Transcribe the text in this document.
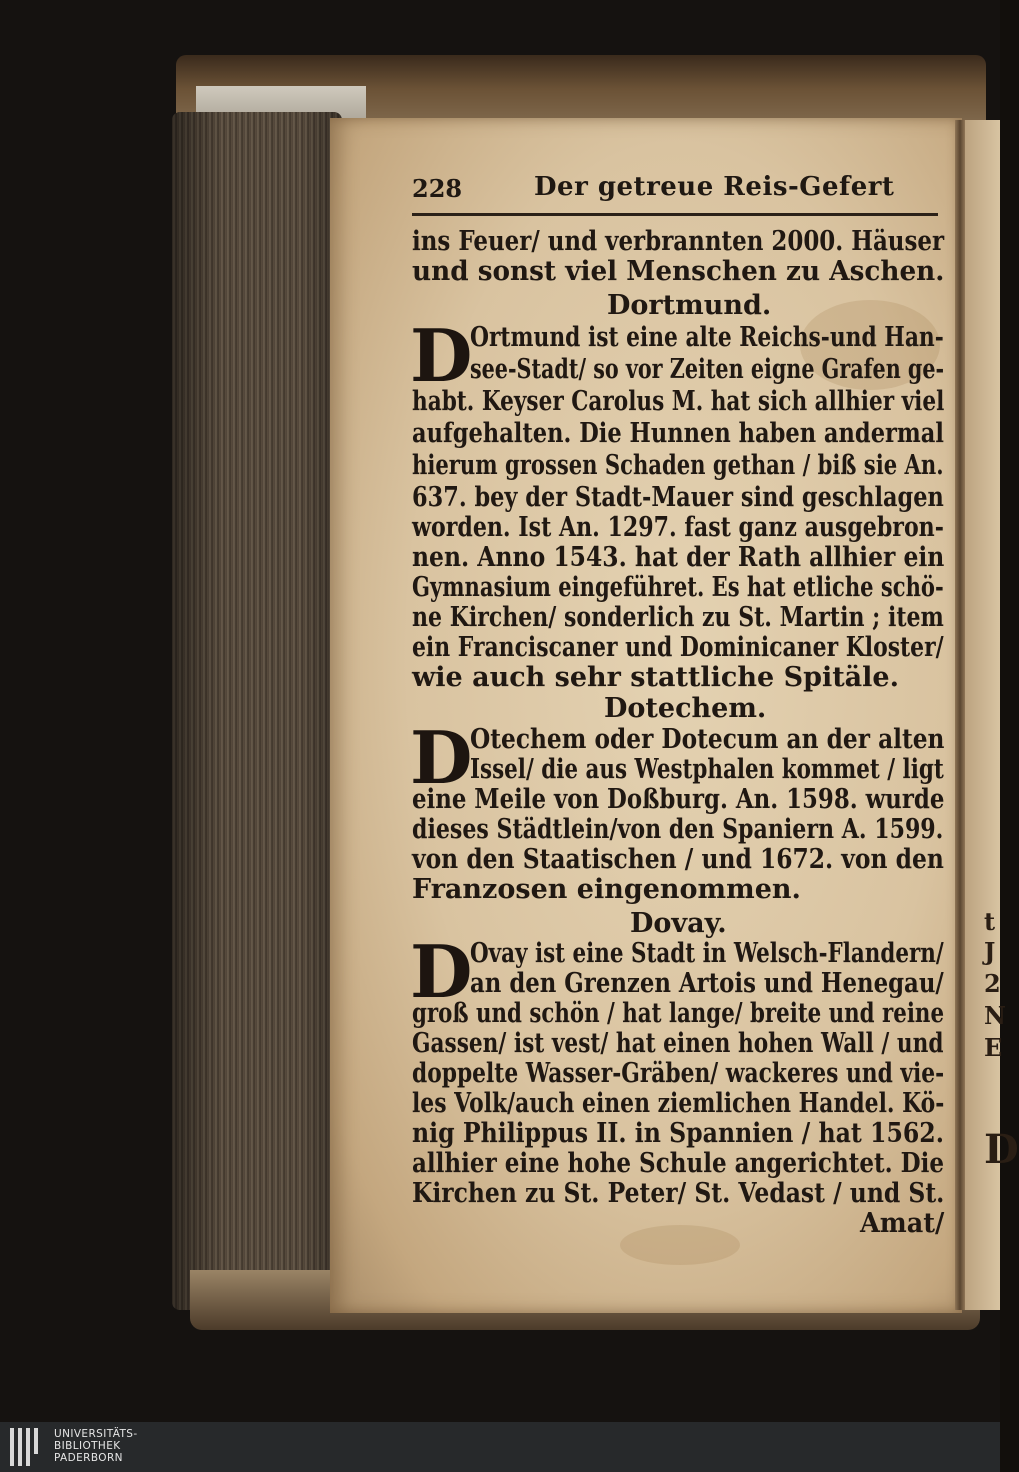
t
J
2
N
E
D
228	Der getreue Reis-Gefert
ins Feuer/ und verbrannten 2000. Häuser
und sonst viel Menschen zu Aschen.
Dortmund.
D
Ortmund ist eine alte Reichs-und Han-
see-Stadt/ so vor Zeiten eigne Grafen ge-
habt. Keyser Carolus M. hat sich allhier viel
aufgehalten. Die Hunnen haben andermal
hierum grossen Schaden gethan / biß sie An.
637. bey der Stadt-Mauer sind geschlagen
worden. Ist An. 1297. fast ganz ausgebron-
nen. Anno 1543. hat der Rath allhier ein
Gymnasium eingeführet. Es hat etliche schö-
ne Kirchen/ sonderlich zu St. Martin ; item
ein Franciscaner und Dominicaner Kloster/
wie auch sehr stattliche Spitäle.
Dotechem.
D
Otechem oder Dotecum an der alten
Issel/ die aus Westphalen kommet / ligt
eine Meile von Doßburg. An. 1598. wurde
dieses Städtlein/von den Spaniern A. 1599.
von den Staatischen / und 1672. von den
Franzosen eingenommen.
Dovay.
D
Ovay ist eine Stadt in Welsch-Flandern/
an den Grenzen Artois und Henegau/
groß und schön / hat lange/ breite und reine
Gassen/ ist vest/ hat einen hohen Wall / und
doppelte Wasser-Gräben/ wackeres und vie-
les Volk/auch einen ziemlichen Handel. Kö-
nig Philippus II. in Spannien / hat 1562.
allhier eine hohe Schule angerichtet. Die
Kirchen zu St. Peter/ St. Vedast / und St.
Amat/
UNIVERSITÄTS-
BIBLIOTHEK
PADERBORN
